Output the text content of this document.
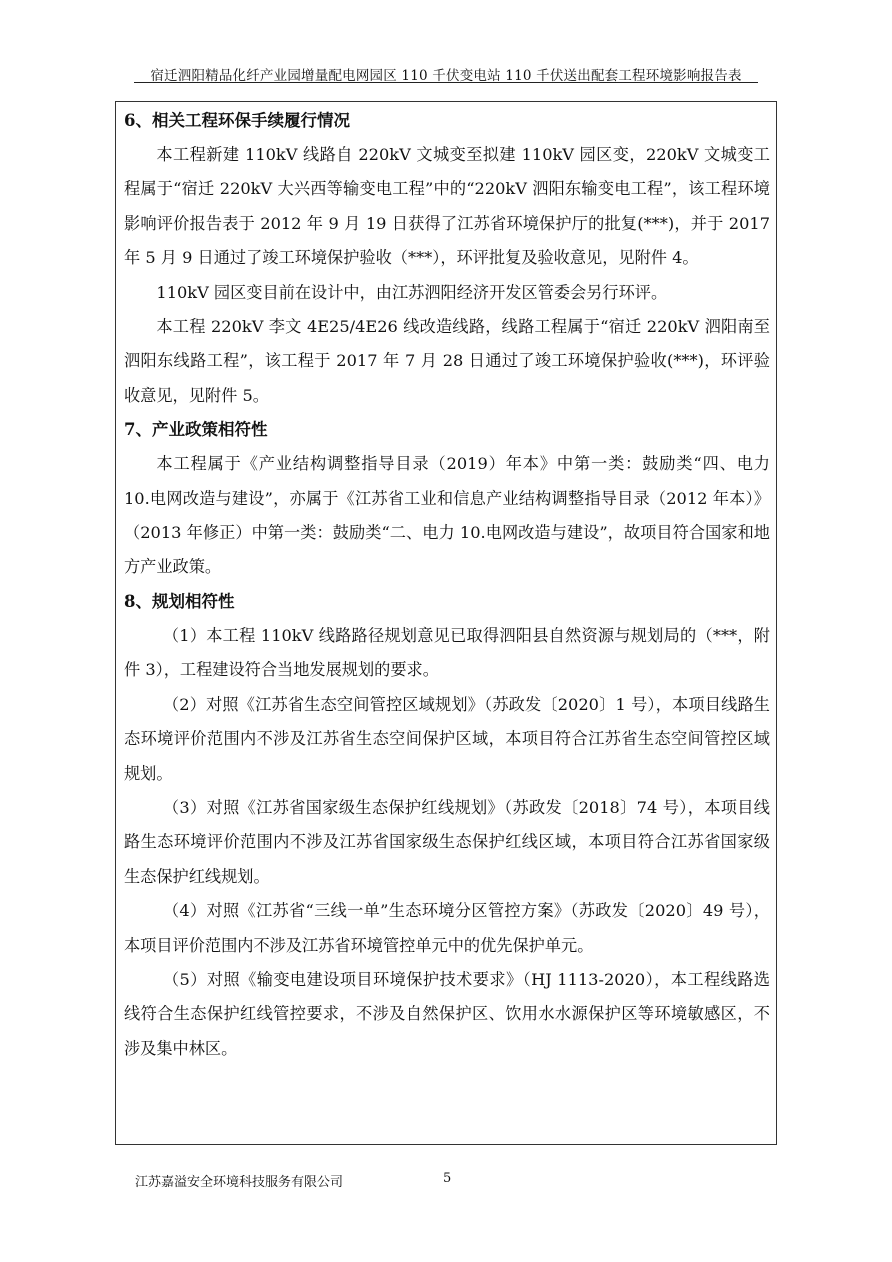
宿迁泗阳精品化纤产业园增量配电网园区 110 千伏变电站 110 千伏送出配套工程环境影响报告表
6、相关工程环保手续履行情况

本工程新建 110kV 线路自 220kV 文城变至拟建 110kV 园区变，220kV 文城变工程属于“宿迁 220kV 大兴西等输变电工程”中的“220kV 泗阳东输变电工程”，该工程环境影响评价报告表于 2012 年 9 月 19 日获得了江苏省环境保护厅的批复(***)，并于 2017 年 5 月 9 日通过了竣工环境保护验收（***），环评批复及验收意见，见附件 4。

110kV 园区变目前在设计中，由江苏泗阳经济开发区管委会另行环评。

本工程 220kV 李文 4E25/4E26 线改造线路，线路工程属于“宿迁 220kV 泗阳南至泗阳东线路工程”，该工程于 2017 年 7 月 28 日通过了竣工环境保护验收(***)，环评验收意见，见附件 5。

7、产业政策相符性

本工程属于《产业结构调整指导目录（2019）年本》中第一类：鼓励类“四、电力 10.电网改造与建设”，亦属于《江苏省工业和信息产业结构调整指导目录（2012 年本）》（2013 年修正）中第一类：鼓励类“二、电力 10.电网改造与建设”，故项目符合国家和地方产业政策。

8、规划相符性

（1）本工程 110kV 线路路径规划意见已取得泗阳县自然资源与规划局的（***，附件 3），工程建设符合当地发展规划的要求。

（2）对照《江苏省生态空间管控区域规划》（苏政发〔2020〕1 号），本项目线路生态环境评价范围内不涉及江苏省生态空间保护区域，本项目符合江苏省生态空间管控区域规划。

（3）对照《江苏省国家级生态保护红线规划》（苏政发〔2018〕74 号），本项目线路生态环境评价范围内不涉及江苏省国家级生态保护红线区域，本项目符合江苏省国家级生态保护红线规划。

（4）对照《江苏省“三线一单”生态环境分区管控方案》（苏政发〔2020〕49 号），本项目评价范围内不涉及江苏省环境管控单元中的优先保护单元。

（5）对照《输变电建设项目环境保护技术要求》（HJ 1113-2020），本工程线路选线符合生态保护红线管控要求，不涉及自然保护区、饮用水水源保护区等环境敏感区，不涉及集中林区。

江苏嘉溢安全环境科技服务有限公司	5
